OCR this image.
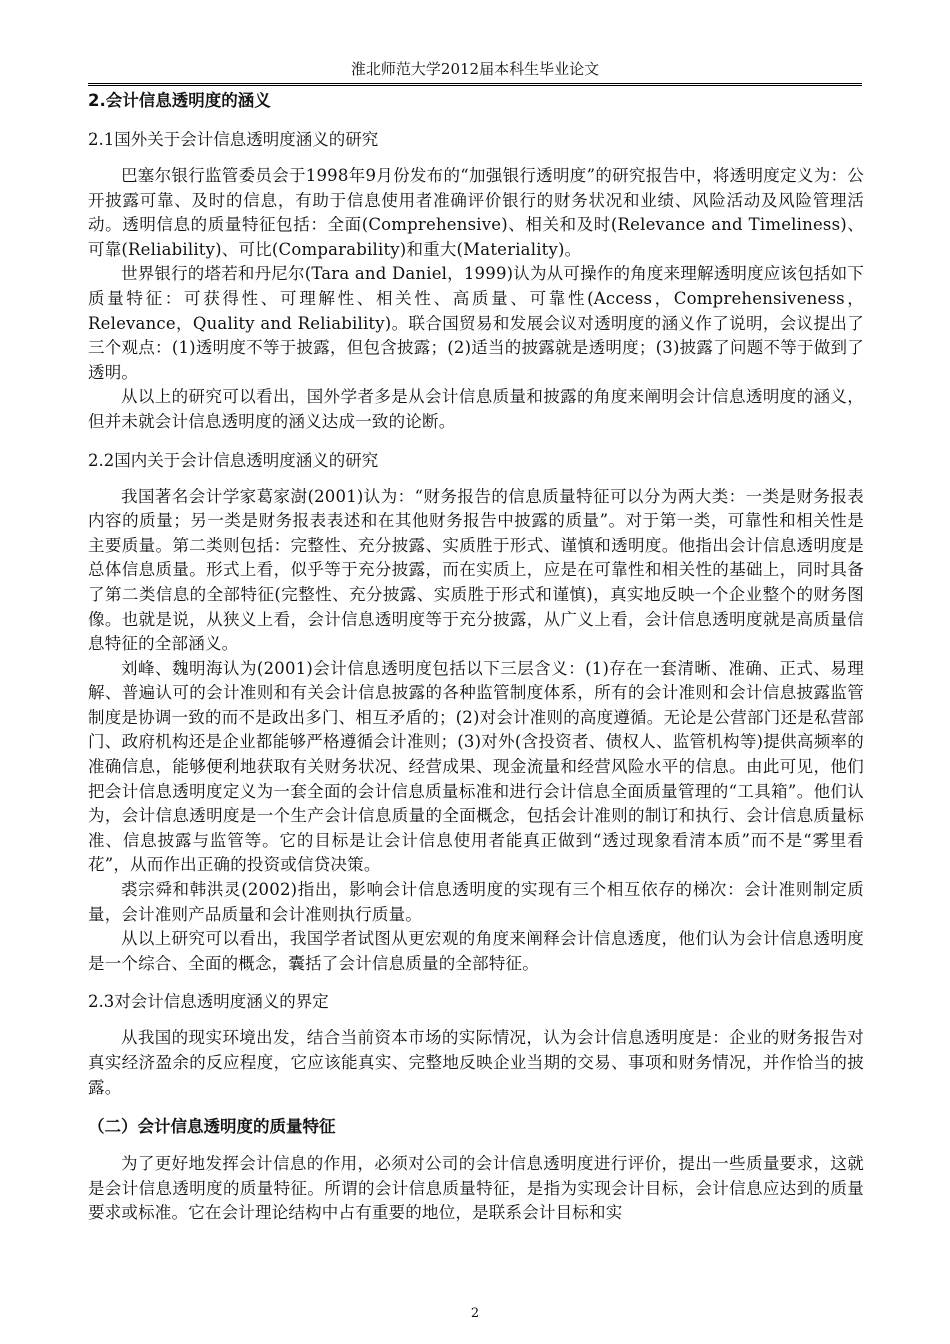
淮北师范大学2012届本科生毕业论文
2.会计信息透明度的涵义
2.1国外关于会计信息透明度涵义的研究

巴塞尔银行监管委员会于1998年9月份发布的“加强银行透明度”的研究报告中，将透明度定义为：公开披露可靠、及时的信息，有助于信息使用者准确评价银行的财务状况和业绩、风险活动及风险管理活动。透明信息的质量特征包括：全面(Comprehensive)、相关和及时(Relevance and Timeliness)、可靠(Reliability)、可比(Comparability)和重大(Materiality)。

世界银行的塔若和丹尼尔(Tara and Daniel，1999)认为从可操作的角度来理解透明度应该包括如下质量特征：可获得性、可理解性、相关性、高质量、可靠性(Access，Comprehensiveness，Relevance，Quality and Reliability)。联合国贸易和发展会议对透明度的涵义作了说明，会议提出了三个观点：(1)透明度不等于披露，但包含披露；(2)适当的披露就是透明度；(3)披露了问题不等于做到了透明。

从以上的研究可以看出，国外学者多是从会计信息质量和披露的角度来阐明会计信息透明度的涵义，但并未就会计信息透明度的涵义达成一致的论断。

2.2国内关于会计信息透明度涵义的研究

我国著名会计学家葛家澍(2001)认为：“财务报告的信息质量特征可以分为两大类：一类是财务报表内容的质量；另一类是财务报表表述和在其他财务报告中披露的质量”。对于第一类，可靠性和相关性是主要质量。第二类则包括：完整性、充分披露、实质胜于形式、谨慎和透明度。他指出会计信息透明度是总体信息质量。形式上看，似乎等于充分披露，而在实质上，应是在可靠性和相关性的基础上，同时具备了第二类信息的全部特征(完整性、充分披露、实质胜于形式和谨慎)，真实地反映一个企业整个的财务图像。也就是说，从狭义上看，会计信息透明度等于充分披露，从广义上看，会计信息透明度就是高质量信息特征的全部涵义。

刘峰、魏明海认为(2001)会计信息透明度包括以下三层含义：(1)存在一套清晰、准确、正式、易理解、普遍认可的会计准则和有关会计信息披露的各种监管制度体系，所有的会计准则和会计信息披露监管制度是协调一致的而不是政出多门、相互矛盾的；(2)对会计准则的高度遵循。无论是公营部门还是私营部门、政府机构还是企业都能够严格遵循会计准则；(3)对外(含投资者、债权人、监管机构等)提供高频率的准确信息，能够便利地获取有关财务状况、经营成果、现金流量和经营风险水平的信息。由此可见，他们把会计信息透明度定义为一套全面的会计信息质量标准和进行会计信息全面质量管理的“工具箱”。他们认为，会计信息透明度是一个生产会计信息质量的全面概念，包括会计准则的制订和执行、会计信息质量标准、信息披露与监管等。它的目标是让会计信息使用者能真正做到“透过现象看清本质”而不是“雾里看花”，从而作出正确的投资或信贷决策。

裘宗舜和韩洪灵(2002)指出，影响会计信息透明度的实现有三个相互依存的梯次：会计准则制定质量，会计准则产品质量和会计准则执行质量。

从以上研究可以看出，我国学者试图从更宏观的角度来阐释会计信息透度，他们认为会计信息透明度是一个综合、全面的概念，囊括了会计信息质量的全部特征。

2.3对会计信息透明度涵义的界定

从我国的现实环境出发，结合当前资本市场的实际情况，认为会计信息透明度是：企业的财务报告对真实经济盈余的反应程度，它应该能真实、完整地反映企业当期的交易、事项和财务情况，并作恰当的披露。

（二）会计信息透明度的质量特征

为了更好地发挥会计信息的作用，必须对公司的会计信息透明度进行评价，提出一些质量要求，这就是会计信息透明度的质量特征。所谓的会计信息质量特征，是指为实现会计目标，会计信息应达到的质量要求或标准。它在会计理论结构中占有重要的地位，是联系会计目标和实

2
